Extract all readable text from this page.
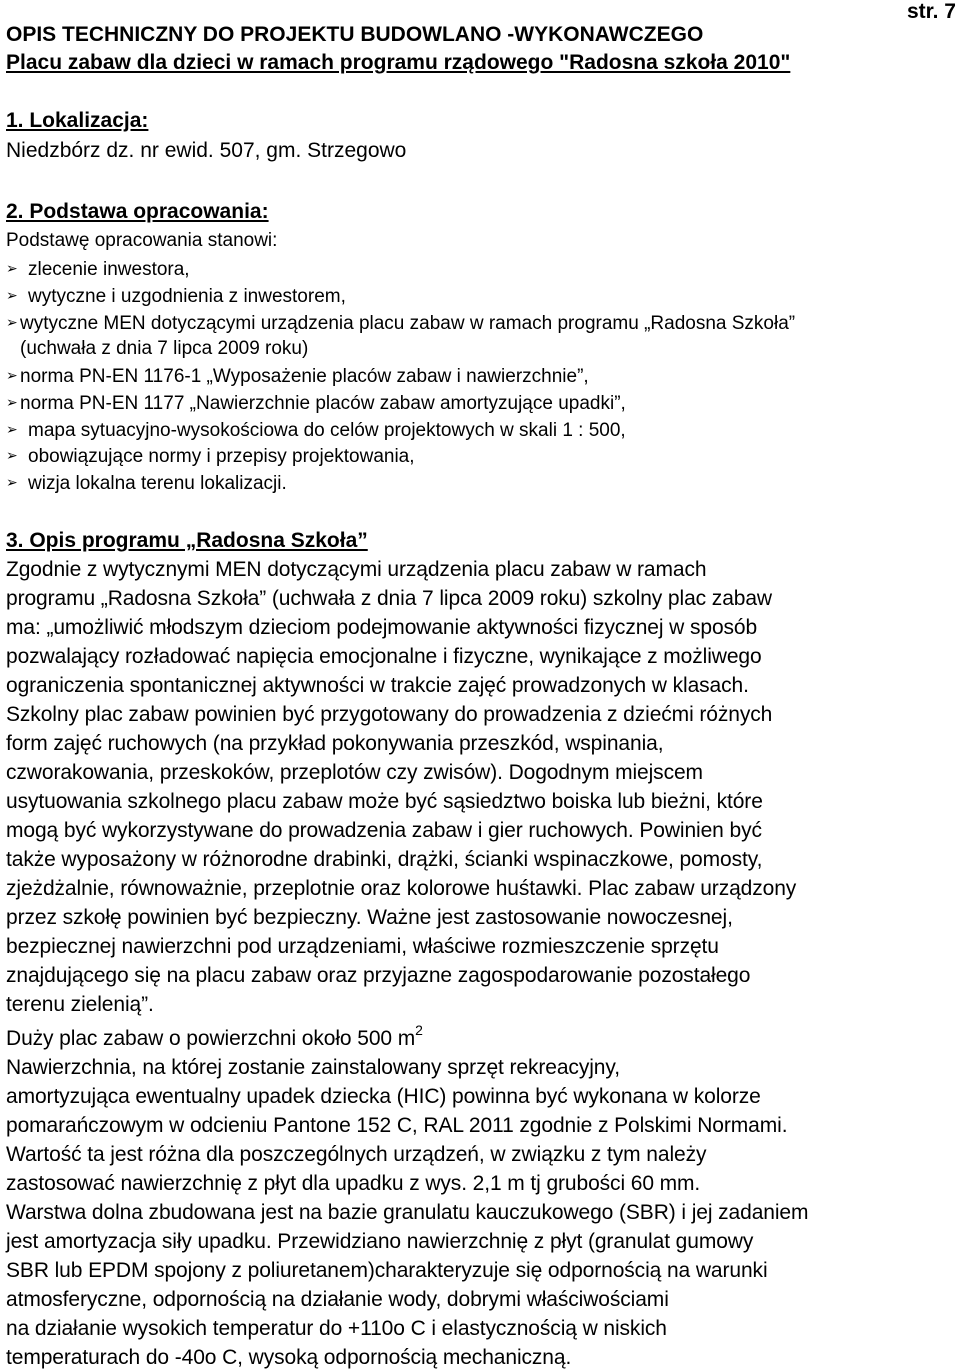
OPIS TECHNICZNY DO PROJEKTU BUDOWLANO -WYKONAWCZEGO
Placu zabaw dla dzieci w ramach programu rządowego "Radosna szkoła 2010"
str. 7
1. Lokalizacja:
Niedzbórz dz. nr ewid. 507, gm. Strzegowo
2. Podstawa opracowania:
Podstawę opracowania stanowi:
➢ zlecenie inwestora,
➢ wytyczne i uzgodnienia z inwestorem,
➢ wytyczne MEN dotyczącymi urządzenia placu zabaw w ramach programu „Radosna Szkoła”
(uchwała z dnia 7 lipca 2009 roku)
➢ norma PN-EN 1176-1 „Wyposażenie placów zabaw i nawierzchnie”,
➢ norma PN-EN 1177 „Nawierzchnie placów zabaw amortyzujące upadki”,
➢ mapa sytuacyjno-wysokościowa do celów projektowych w skali 1 : 500,
➢ obowiązujące normy i przepisy projektowania,
➢ wizja lokalna terenu lokalizacji.
3. Opis programu „Radosna Szkoła”
Zgodnie z wytycznymi MEN dotyczącymi urządzenia placu zabaw w ramach
programu „Radosna Szkoła” (uchwała z dnia 7 lipca 2009 roku) szkolny plac zabaw
ma: „umożliwić młodszym dzieciom podejmowanie aktywności fizycznej w sposób
pozwalający rozładować napięcia emocjonalne i fizyczne, wynikające z możliwego
ograniczenia spontanicznej aktywności w trakcie zajęć prowadzonych w klasach.
Szkolny plac zabaw powinien być przygotowany do prowadzenia z dziećmi różnych
form zajęć ruchowych (na przykład pokonywania przeszkód, wspinania,
czworakowania, przeskoków, przeplotów czy zwisów). Dogodnym miejscem
usytuowania szkolnego placu zabaw może być sąsiedztwo boiska lub bieżni, które
mogą być wykorzystywane do prowadzenia zabaw i gier ruchowych. Powinien być
także wyposażony w różnorodne drabinki, drążki, ścianki wspinaczkowe, pomosty,
zjeżdżalnie, równoważnie, przeplotnie oraz kolorowe huśtawki. Plac zabaw urządzony
przez szkołę powinien być bezpieczny. Ważne jest zastosowanie nowoczesnej,
bezpiecznej nawierzchni pod urządzeniami, właściwe rozmieszczenie sprzętu
znajdującego się na placu zabaw oraz przyjazne zagospodarowanie pozostałego
terenu zielenią”.
Duży plac zabaw o powierzchni około 500 $m^2$
Nawierzchnia, na której zostanie zainstalowany sprzęt rekreacyjny,
amortyzująca ewentualny upadek dziecka (HIC) powinna być wykonana w kolorze
pomarańczowym w odcieniu Pantone 152 C, RAL 2011 zgodnie z Polskimi Normami.
Wartość ta jest różna dla poszczególnych urządzeń, w związku z tym należy
zastosować nawierzchnię z płyt dla upadku z wys. 2,1 m tj grubości 60 mm.
Warstwa dolna zbudowana jest na bazie granulatu kauczukowego (SBR) i jej zadaniem
jest amortyzacja siły upadku. Przewidziano nawierzchnię z płyt (granulat gumowy
SBR lub EPDM spojony z poliuretanem)charakteryzuje się odpornością na warunki
atmosferyczne, odpornością na działanie wody, dobrymi właściwościami
na działanie wysokich temperatur do +110o C i elastycznością w niskich
temperaturach do -40o C, wysoką odpornością mechaniczną.
